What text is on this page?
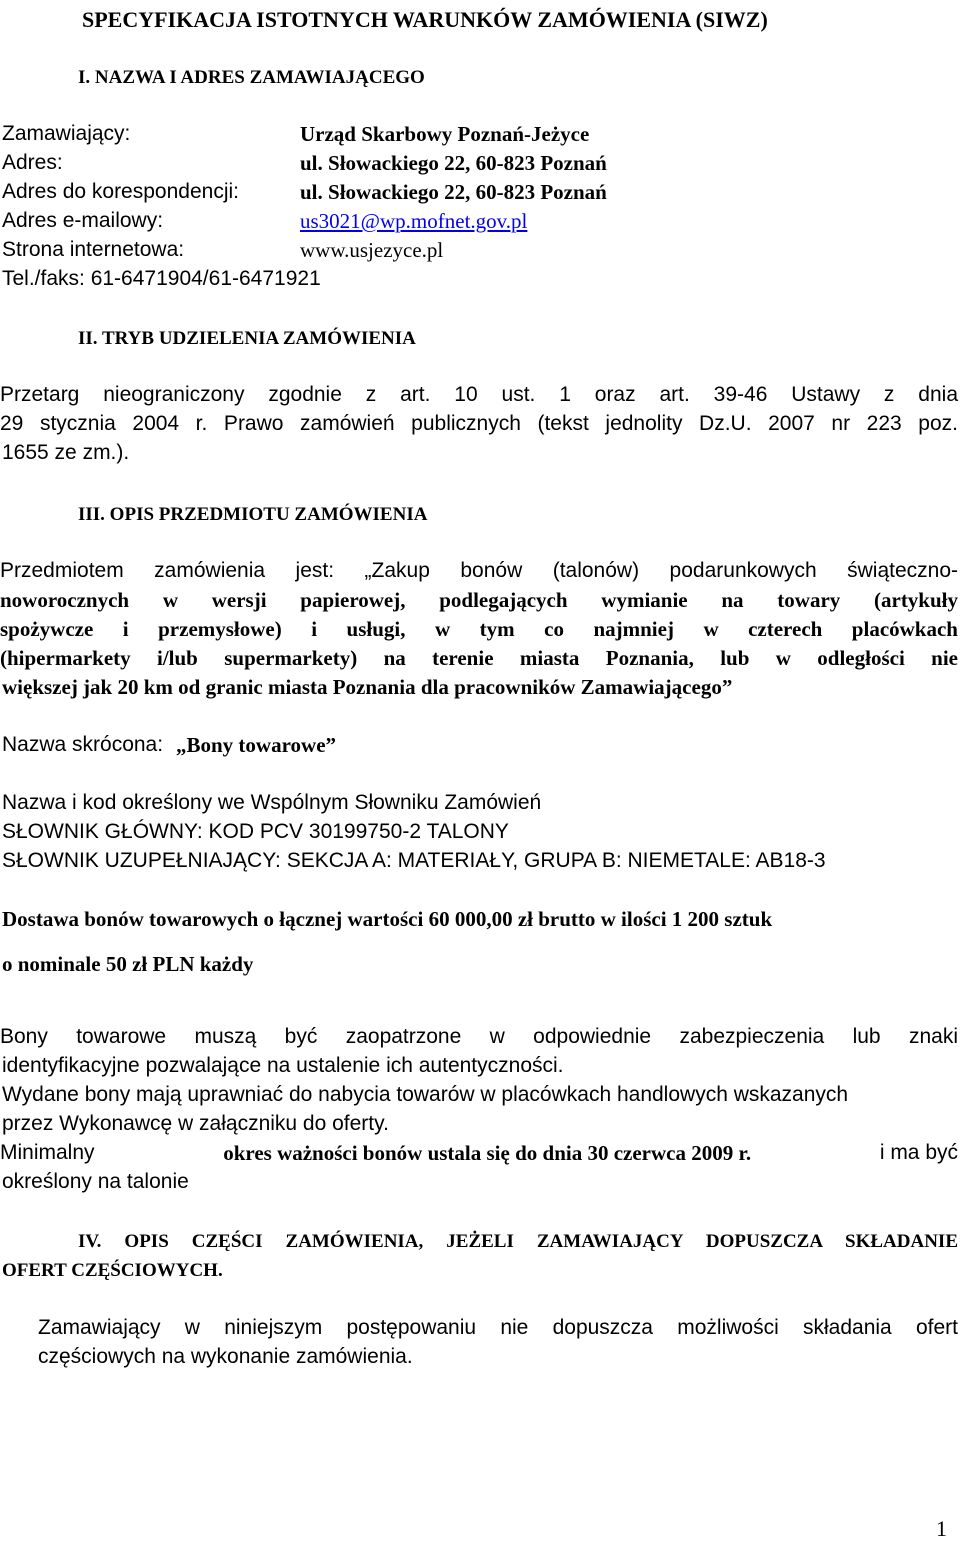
SPECYFIKACJA ISTOTNYCH WARUNKÓW ZAMÓWIENIA (SIWZ)
I. NAZWA I ADRES ZAMAWIAJĄCEGO
Zamawiający:	Urząd Skarbowy Poznań-Jeżyce
Adres:	ul. Słowackiego 22, 60-823 Poznań
Adres do korespondencji:	ul. Słowackiego 22, 60-823 Poznań
Adres e-mailowy:	us3021@wp.mofnet.gov.pl
Strona internetowa:	www.usjezyce.pl
Tel./faks: 61-6471904/61-6471921
II. TRYB UDZIELENIA ZAMÓWIENIA
Przetarg nieograniczony zgodnie z art. 10 ust. 1 oraz art. 39-46 Ustawy z dnia
29 stycznia 2004 r. Prawo zamówień publicznych (tekst jednolity Dz.U. 2007 nr 223 poz.
1655 ze zm.).
III. OPIS PRZEDMIOTU ZAMÓWIENIA
Przedmiotem zamówienia jest: „Zakup bonów (talonów) podarunkowych świąteczno-
noworocznych w wersji papierowej, podlegających wymianie na towary (artykuły
spożywcze i przemysłowe) i usługi, w tym co najmniej w czterech placówkach
(hipermarkety i/lub supermarkety) na terenie miasta Poznania, lub w odległości nie
większej jak 20 km od granic miasta Poznania dla pracowników Zamawiającego”
Nazwa skrócona: „Bony towarowe”
Nazwa i kod określony we Wspólnym Słowniku Zamówień
SŁOWNIK GŁÓWNY: KOD PCV 30199750-2 TALONY
SŁOWNIK UZUPEŁNIAJĄCY: SEKCJA A: MATERIAŁY, GRUPA B: NIEMETALE: AB18-3
Dostawa bonów towarowych o łącznej wartości 60 000,00 zł brutto w ilości 1 200 sztuk
o nominale 50 zł PLN każdy
Bony towarowe muszą być zaopatrzone w odpowiednie zabezpieczenia lub znaki
identyfikacyjne pozwalające na ustalenie ich autentyczności.
Wydane bony mają uprawniać do nabycia towarów w placówkach handlowych wskazanych
przez Wykonawcę w załączniku do oferty.
Minimalny	okres ważności bonów ustala się do dnia 30 czerwca 2009 r.	i ma być
określony na talonie
IV. OPIS CZĘŚCI ZAMÓWIENIA, JEŻELI ZAMAWIAJĄCY DOPUSZCZA SKŁADANIE
OFERT CZĘŚCIOWYCH.
Zamawiający w niniejszym postępowaniu nie dopuszcza możliwości składania ofert
częściowych na wykonanie zamówienia.
1
